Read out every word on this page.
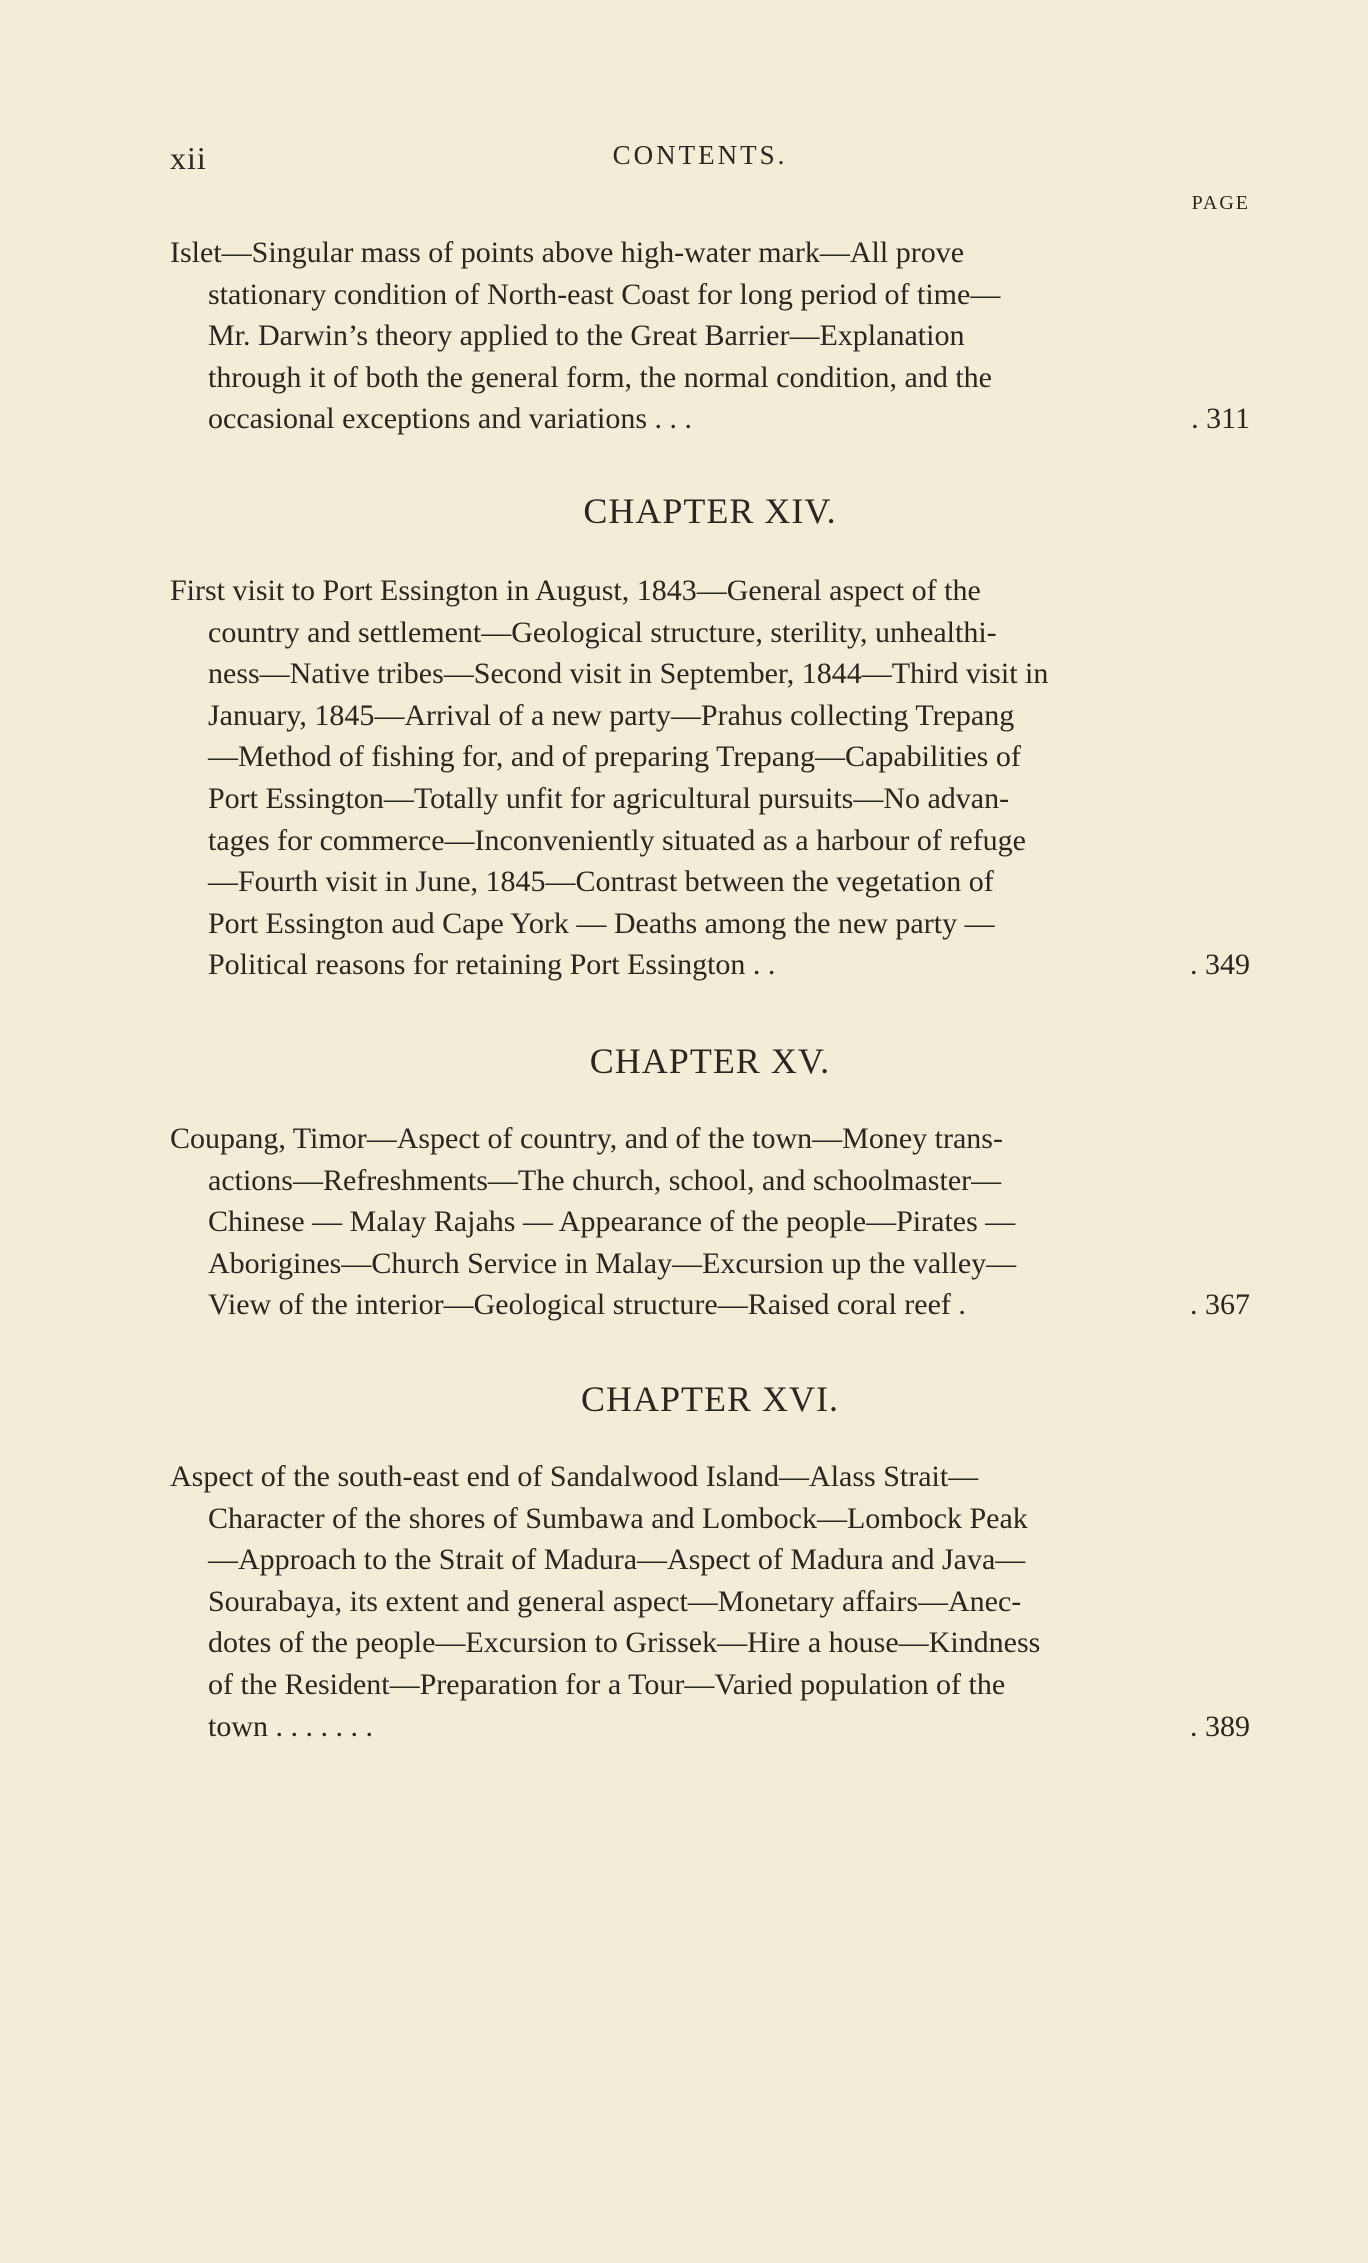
xii	CONTENTS.
PAGE
Islet—Singular mass of points above high-water mark—All prove
stationary condition of North-east Coast for long period of time—
Mr. Darwin’s theory applied to the Great Barrier—Explanation
through it of both the general form, the normal condition, and the
occasional exceptions and variations . . .	. 311
CHAPTER XIV.
First visit to Port Essington in August, 1843—General aspect of the
country and settlement—Geological structure, sterility, unhealthi-
ness—Native tribes—Second visit in September, 1844—Third visit in
January, 1845—Arrival of a new party—Prahus collecting Trepang
—Method of fishing for, and of preparing Trepang—Capabilities of
Port Essington—Totally unfit for agricultural pursuits—No advan-
tages for commerce—Inconveniently situated as a harbour of refuge
—Fourth visit in June, 1845—Contrast between the vegetation of
Port Essington aud Cape York — Deaths among the new party —
Political reasons for retaining Port Essington . .	. 349
CHAPTER XV.
Coupang, Timor—Aspect of country, and of the town—Money trans-
actions—Refreshments—The church, school, and schoolmaster—
Chinese — Malay Rajahs — Appearance of the people—Pirates —
Aborigines—Church Service in Malay—Excursion up the valley—
View of the interior—Geological structure—Raised coral reef .	. 367
CHAPTER XVI.
Aspect of the south-east end of Sandalwood Island—Alass Strait—
Character of the shores of Sumbawa and Lombock—Lombock Peak
—Approach to the Strait of Madura—Aspect of Madura and Java—
Sourabaya, its extent and general aspect—Monetary affairs—Anec-
dotes of the people—Excursion to Grissek—Hire a house—Kindness
of the Resident—Preparation for a Tour—Varied population of the
town . . . . . . .	. 389
